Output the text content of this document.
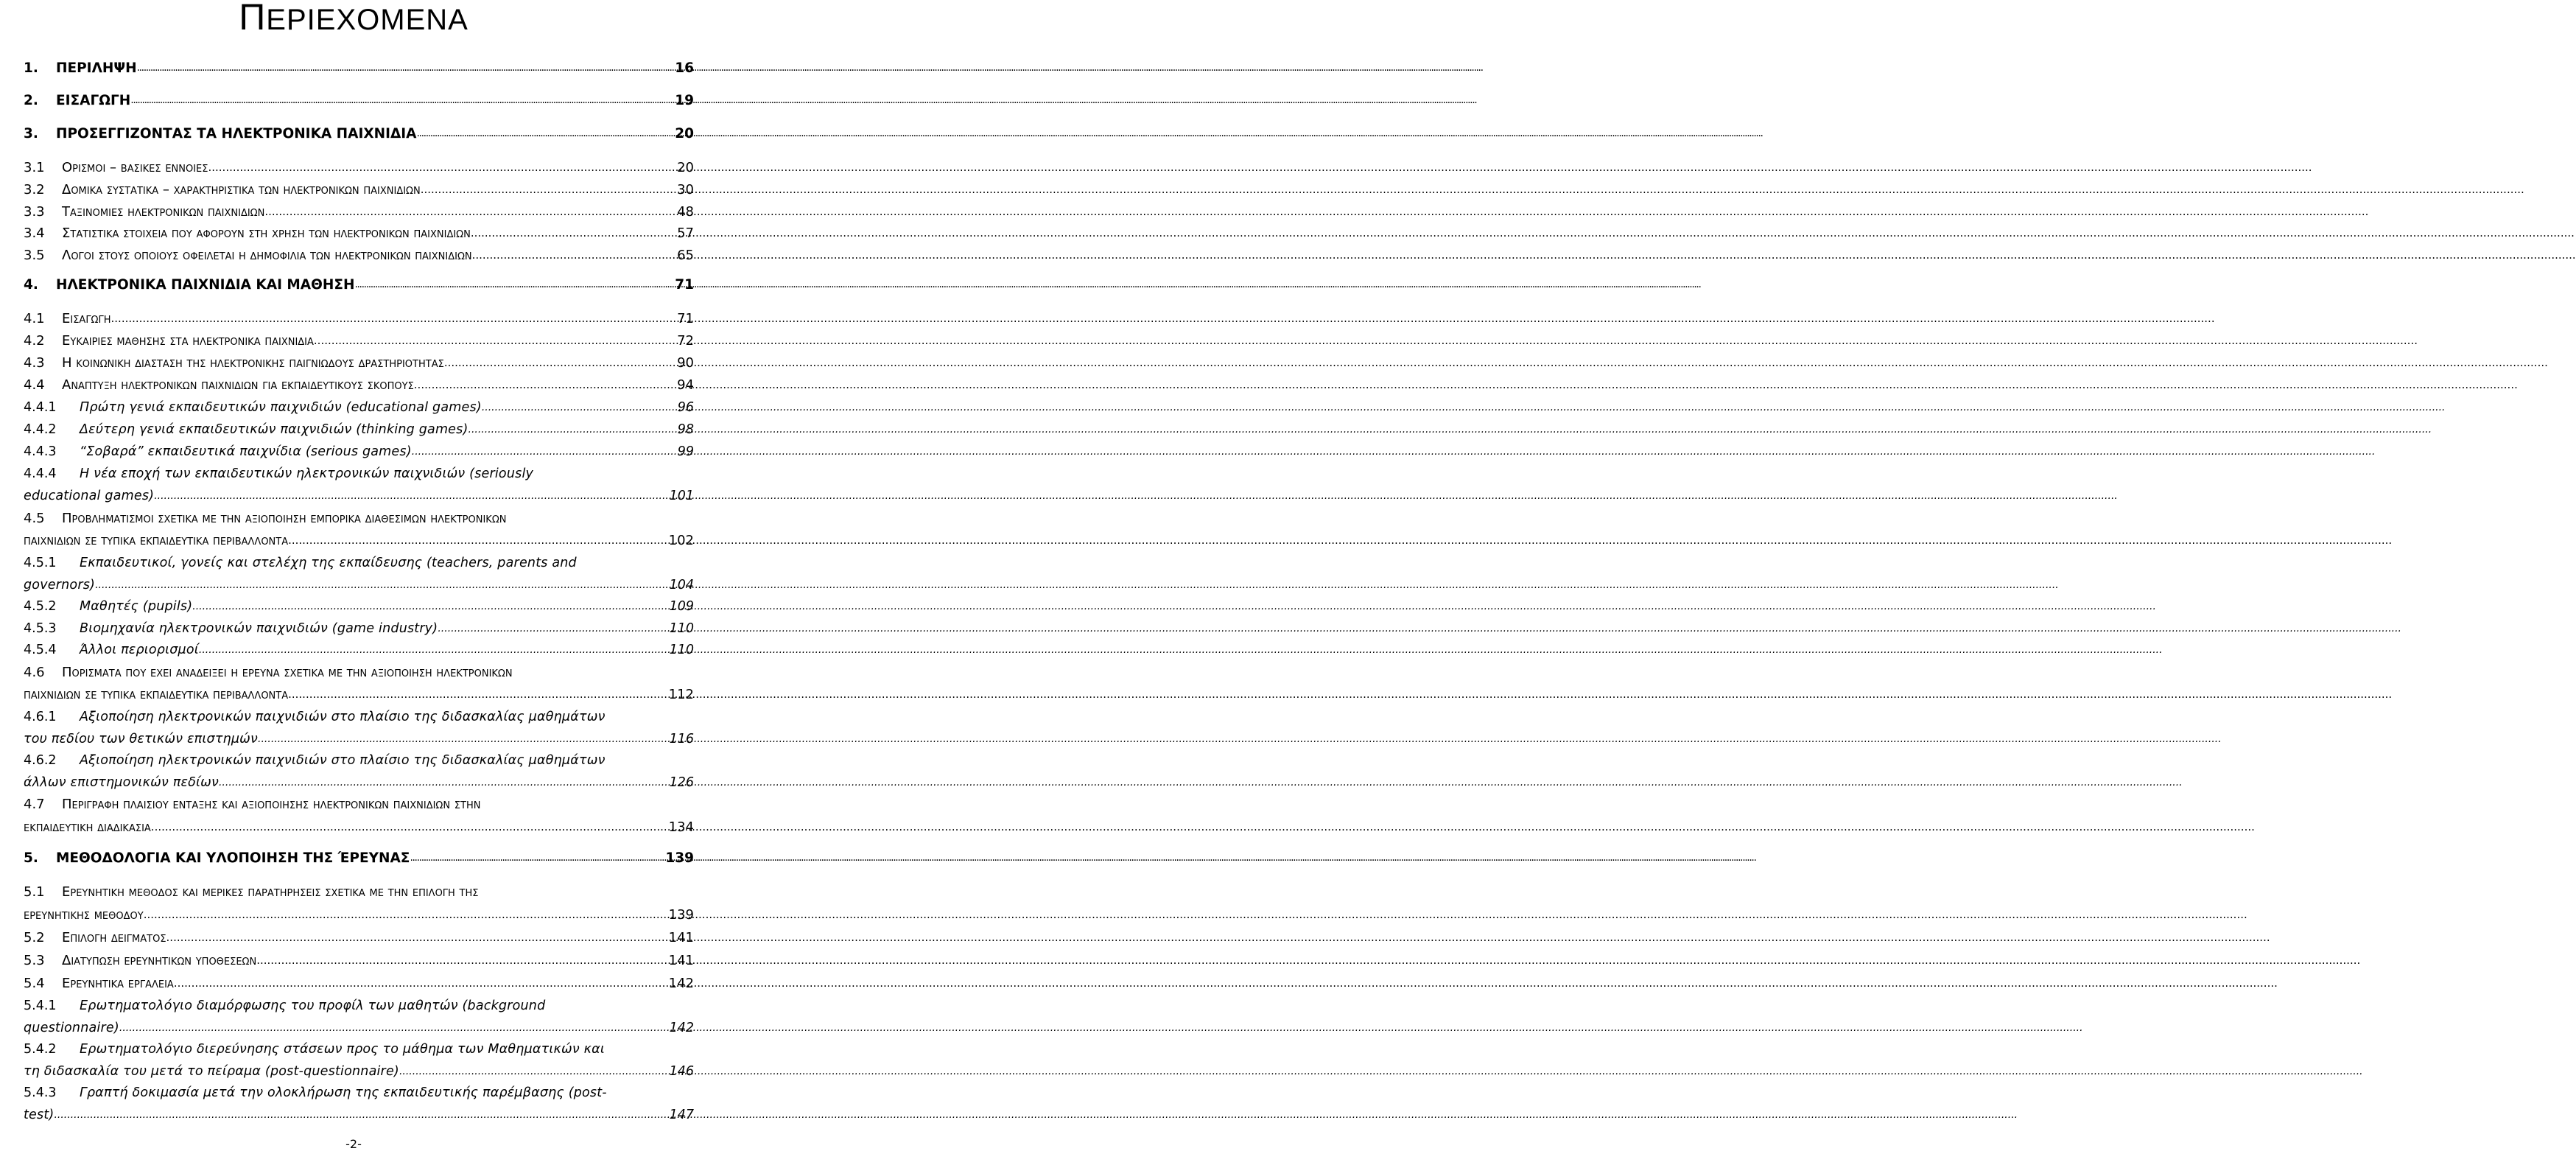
ΠΕΡΙΕΧΟΜΕΝΑ
1.	ΠΕΡΙΛΗΨΗ .....	16
2.	ΕΙΣΑΓΩΓΗ .....	19
3.	ΠΡΟΣΕΓΓΙΖΟΝΤΑΣ ΤΑ ΗΛΕΚΤΡΟΝΙΚΑ ΠΑΙΧΝΙΔΙΑ .....	20
3.1	Ορισμοι – βασικες εννοιες .....	20
3.2	Δομικα συστατικα – χαρακτηριστικα των ηλεκτρονικων παιχνιδιων .....	30
3.3	Ταξινομιες ηλεκτρονικων παιχνιδιων .....	48
3.4	Στατιστικα στοιχεια που αφορουν στη χρηση των ηλεκτρονικων παιχνιδιων .....	57
3.5	Λογοι στους οποιους οφειλεται η δημοφιλια των ηλεκτρονικων παιχνιδιων .....	65
4.	ΗΛΕΚΤΡΟΝΙΚΑ ΠΑΙΧΝΙΔΙΑ ΚΑΙ ΜΑΘΗΣΗ .....	71
4.1	Εισαγωγη .....	71
4.2	Ευκαιριες μαθησης στα ηλεκτρονικα παιχνιδια .....	72
4.3	Η κοινωνικη διασταση της ηλεκτρονικης παιγνιωδους δραστηριοτητας .....	90
4.4	Αναπτυξη ηλεκτρονικων παιχνιδιων για εκπαιδευτικους σκοπους .....	94
4.4.1	Πρώτη γενιά εκπαιδευτικών παιχνιδιών (educational games) .....	96
4.4.2	Δεύτερη γενιά εκπαιδευτικών παιχνιδιών (thinking games) .....	98
4.4.3	“Σοβαρά” εκπαιδευτικά παιχνίδια (serious games) .....	99
4.4.4	Η νέα εποχή των εκπαιδευτικών ηλεκτρονικών παιχνιδιών (seriously
educational games) .....	101
4.5	Προβληματισμοι σχετικα με την αξιοποιηση εμπορικα διαθεσιμων ηλεκτρονικων
παιχνιδιων σε τυπικα εκπαιδευτικα περιβαλλοντα .....	102
4.5.1	Εκπαιδευτικοί, γονείς και στελέχη της εκπαίδευσης (teachers, parents and
governors) .....	104
4.5.2	Μαθητές (pupils) .....	109
4.5.3	Βιομηχανία ηλεκτρονικών παιχνιδιών (game industry) .....	110
4.5.4	Άλλοι περιορισμοί .....	110
4.6	Πορισματα που εχει αναδειξει η ερευνα σχετικα με την αξιοποιηση ηλεκτρονικων
παιχνιδιων σε τυπικα εκπαιδευτικα περιβαλλοντα .....	112
4.6.1	Αξιοποίηση ηλεκτρονικών παιχνιδιών στο πλαίσιο της διδασκαλίας μαθημάτων
του πεδίου των θετικών επιστημών .....	116
4.6.2	Αξιοποίηση ηλεκτρονικών παιχνιδιών στο πλαίσιο της διδασκαλίας μαθημάτων
άλλων επιστημονικών πεδίων .....	126
4.7	Περιγραφη πλαισιου ενταξης και αξιοποιησης ηλεκτρονικων παιχνιδιων στην
εκπαιδευτικη διαδικασια .....	134
5.	ΜΕΘΟΔΟΛΟΓΙΑ ΚΑΙ ΥΛΟΠΟΙΗΣΗ ΤΗΣ ΈΡΕΥΝΑΣ .....	139
5.1	Ερευνητικη μεθοδος και μερικες παρατηρησεις σχετικα με την επιλογη της
ερευνητικης μεθοδου .....	139
5.2	Επιλογη δειγματος .....	141
5.3	Διατυπωση ερευνητικων υποθεσεων .....	141
5.4	Ερευνητικα εργαλεια .....	142
5.4.1	Ερωτηματολόγιο διαμόρφωσης του προφίλ των μαθητών (background
questionnaire) .....	142
5.4.2	Ερωτηματολόγιο διερεύνησης στάσεων προς το μάθημα των Μαθηματικών και
τη διδασκαλία του μετά το πείραμα (post-questionnaire) .....	146
5.4.3	Γραπτή δοκιμασία μετά την ολοκλήρωση της εκπαιδευτικής παρέμβασης (post-
test) .....	147
-2-
